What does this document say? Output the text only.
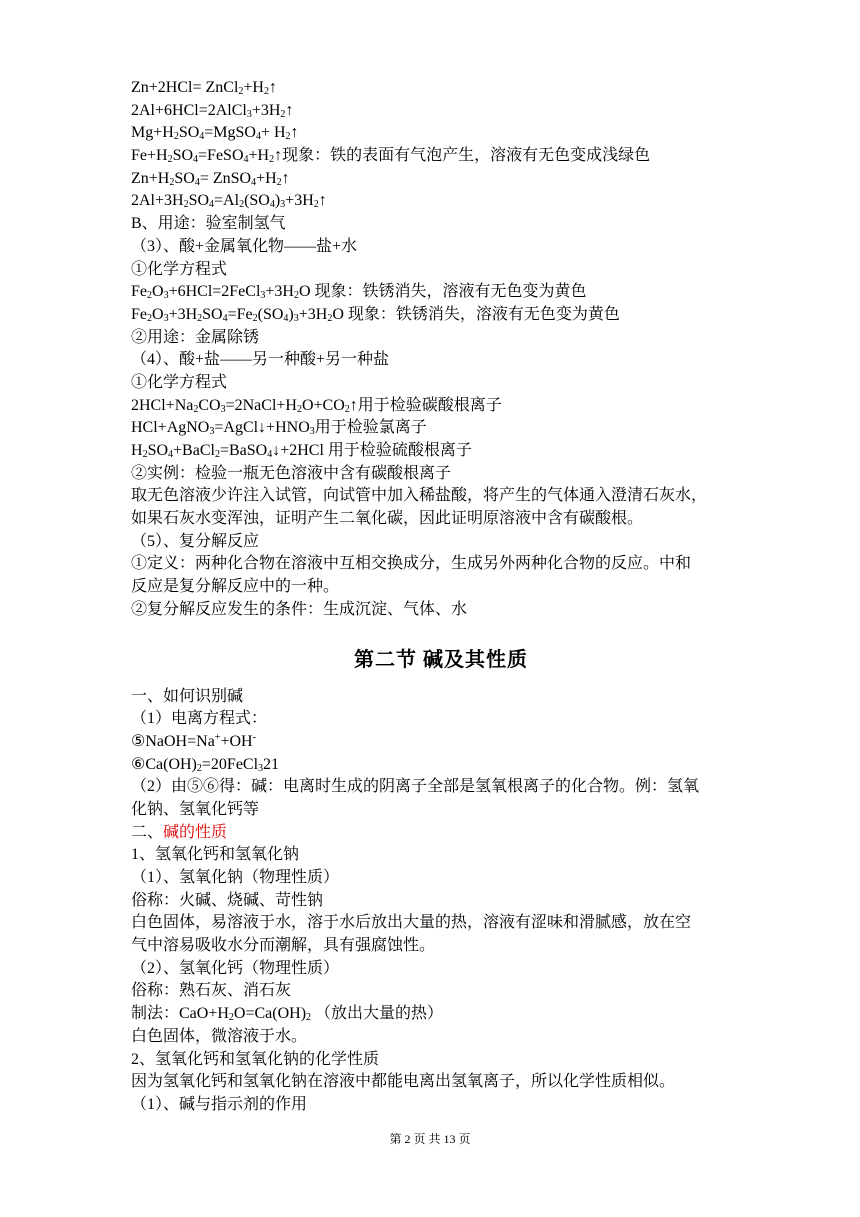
$Zn+2HCl= ZnCl_2+H_2↑$
$2Al+6HCl=2AlCl_3+3H_2↑$
$Mg+H_2SO_4=MgSO_4+$ $H_2↑$
$Fe+H_2SO_4=FeSO_4+H_2↑$现象：铁的表面有气泡产生，溶液有无色变成浅绿色
$Zn+H_2SO_4=$ $ZnSO_4+H_2↑$
$2Al+3H_2SO_4=Al_2(SO_4)_3+3H_2↑$
B、用途：验室制氢气
（3）、酸+金属氧化物——盐+水
①化学方程式
$Fe_2O_3+6HCl=2FeCl_3+3H_2O$ 现象：铁锈消失，溶液有无色变为黄色
$Fe_2O_3+3H_2SO_4=Fe_2(SO_4)_3+3H_2O$ 现象：铁锈消失，溶液有无色变为黄色
②用途：金属除锈
（4）、酸+盐——另一种酸+另一种盐
①化学方程式
$2HCl+Na_2CO_3=2NaCl+H_2O+CO_2↑$用于检验碳酸根离子
$HCl+AgNO_3=AgCl↓+HNO_3$用于检验氯离子
$H_2SO_4+BaCl_2=BaSO_4↓+2HCl$ 用于检验硫酸根离子
②实例：检验一瓶无色溶液中含有碳酸根离子
取无色溶液少许注入试管，向试管中加入稀盐酸，将产生的气体通入澄清石灰水，
如果石灰水变浑浊，证明产生二氧化碳，因此证明原溶液中含有碳酸根。
（5）、复分解反应
①定义：两种化合物在溶液中互相交换成分，生成另外两种化合物的反应。中和
反应是复分解反应中的一种。
②复分解反应发生的条件：生成沉淀、气体、水
第二节 碱及其性质
一、如何识别碱
（1）电离方程式：
⑤NaOH=Na++OH-
$⑥Ca(OH)_2=20FeCl_321$
（2）由⑤⑥得：碱：电离时生成的阴离子全部是氢氧根离子的化合物。例：氢氧
化钠、氢氧化钙等
二、碱的性质
1、氢氧化钙和氢氧化钠
（1）、氢氧化钠（物理性质）
俗称：火碱、烧碱、苛性钠
白色固体，易溶液于水，溶于水后放出大量的热，溶液有涩味和滑腻感，放在空
气中溶易吸收水分而潮解，具有强腐蚀性。
（2）、氢氧化钙（物理性质）
俗称：熟石灰、消石灰
制法：$CaO+H_2O=Ca(OH)_2$ （放出大量的热）
白色固体，微溶液于水。
2、氢氧化钙和氢氧化钠的化学性质
因为氢氧化钙和氢氧化钠在溶液中都能电离出氢氧离子，所以化学性质相似。
（1）、碱与指示剂的作用
第 2 页 共 13 页
